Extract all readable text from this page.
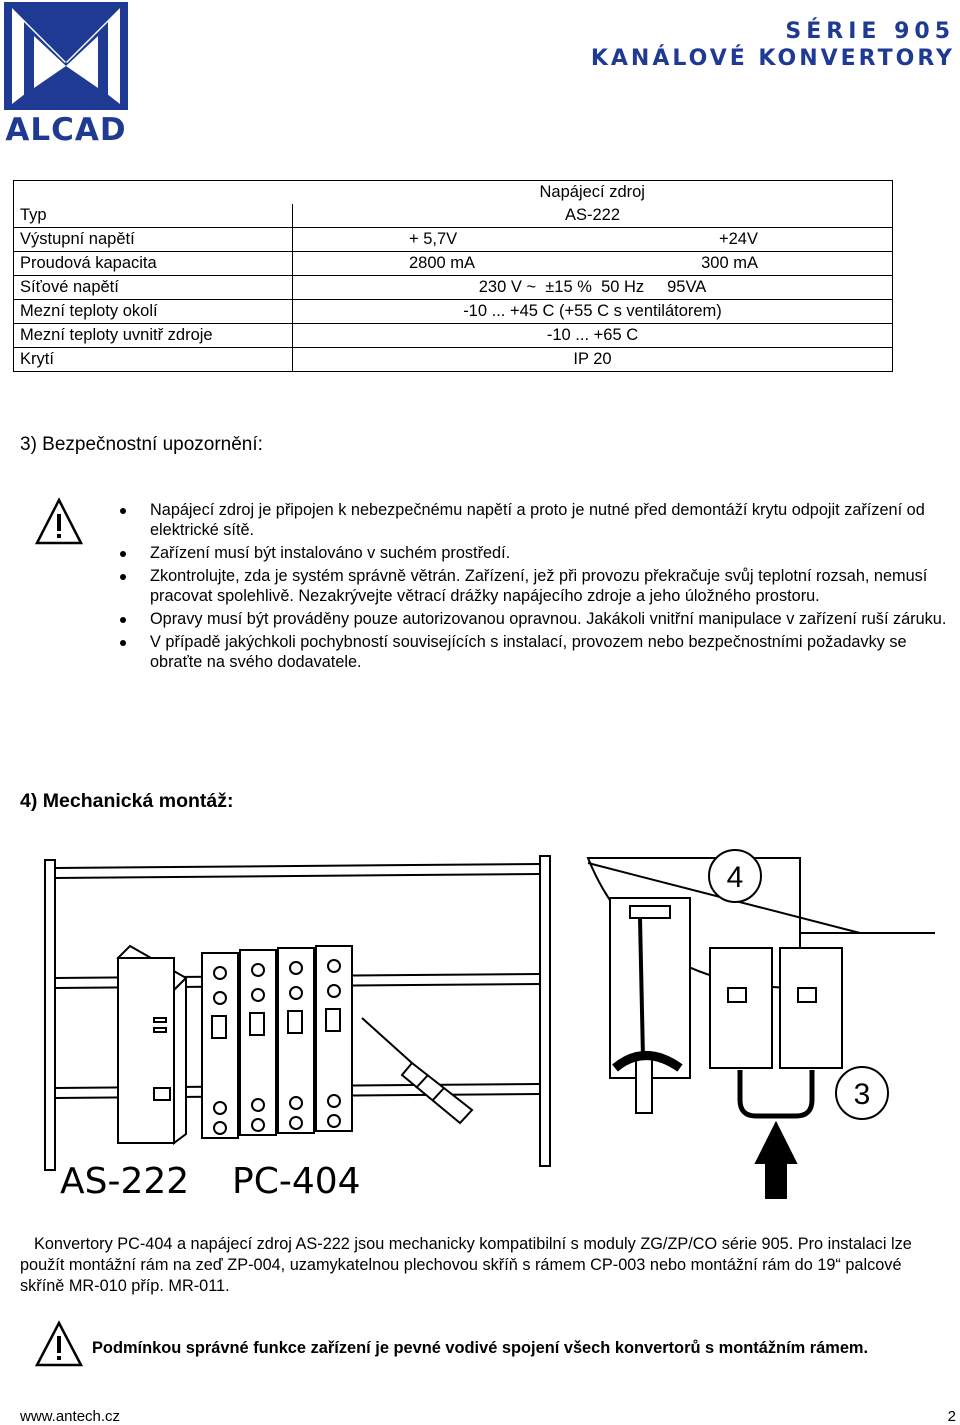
ALCAD
SÉRIE 905
KANÁLOVÉ KONVERTORY
	Napájecí zdroj
Typ	AS-222
Výstupní napětí	+ 5,7V +24V

Proudová kapacita	2800 mA 300 mA

Síťové napětí	230 V ~  ±15 %  50 Hz     95VA
Mezní teploty okolí	-10 ... +45 C (+55 C s ventilátorem)
Mezní teploty uvnitř zdroje	-10 ... +65 C
Krytí	IP 20
3) Bezpečnostní upozornění:
Napájecí zdroj je připojen k nebezpečnému napětí a proto je nutné před demontáží krytu odpojit zařízení od elektrické sítě.
Zařízení musí být instalováno v suchém prostředí.
Zkontrolujte, zda je systém správně větrán. Zařízení, jež při provozu překračuje svůj teplotní rozsah, nemusí pracovat spolehlivě. Nezakrývejte větrací drážky napájecího zdroje a jeho úložného prostoru.
Opravy musí být prováděny pouze autorizovanou opravnou. Jakákoli vnitřní manipulace v zařízení ruší záruku.
V případě jakýchkoli pochybností souvisejících s instalací, provozem nebo bezpečnostními požadavky se obraťte na svého dodavatele.
4) Mechanická montáž:
4
3
AS-222 PC-404
Konvertory PC-404 a napájecí zdroj AS-222 jsou mechanicky kompatibilní s moduly ZG/ZP/CO série 905. Pro instalaci lze použít montážní rám na zeď ZP-004, uzamykatelnou plechovou skříň s rámem CP-003 nebo montážní rám do 19“ palcové skříně MR-010 příp. MR-011.
Podmínkou správné funkce zařízení je pevné vodivé spojení všech konvertorů s montážním rámem.
www.antech.cz	2
